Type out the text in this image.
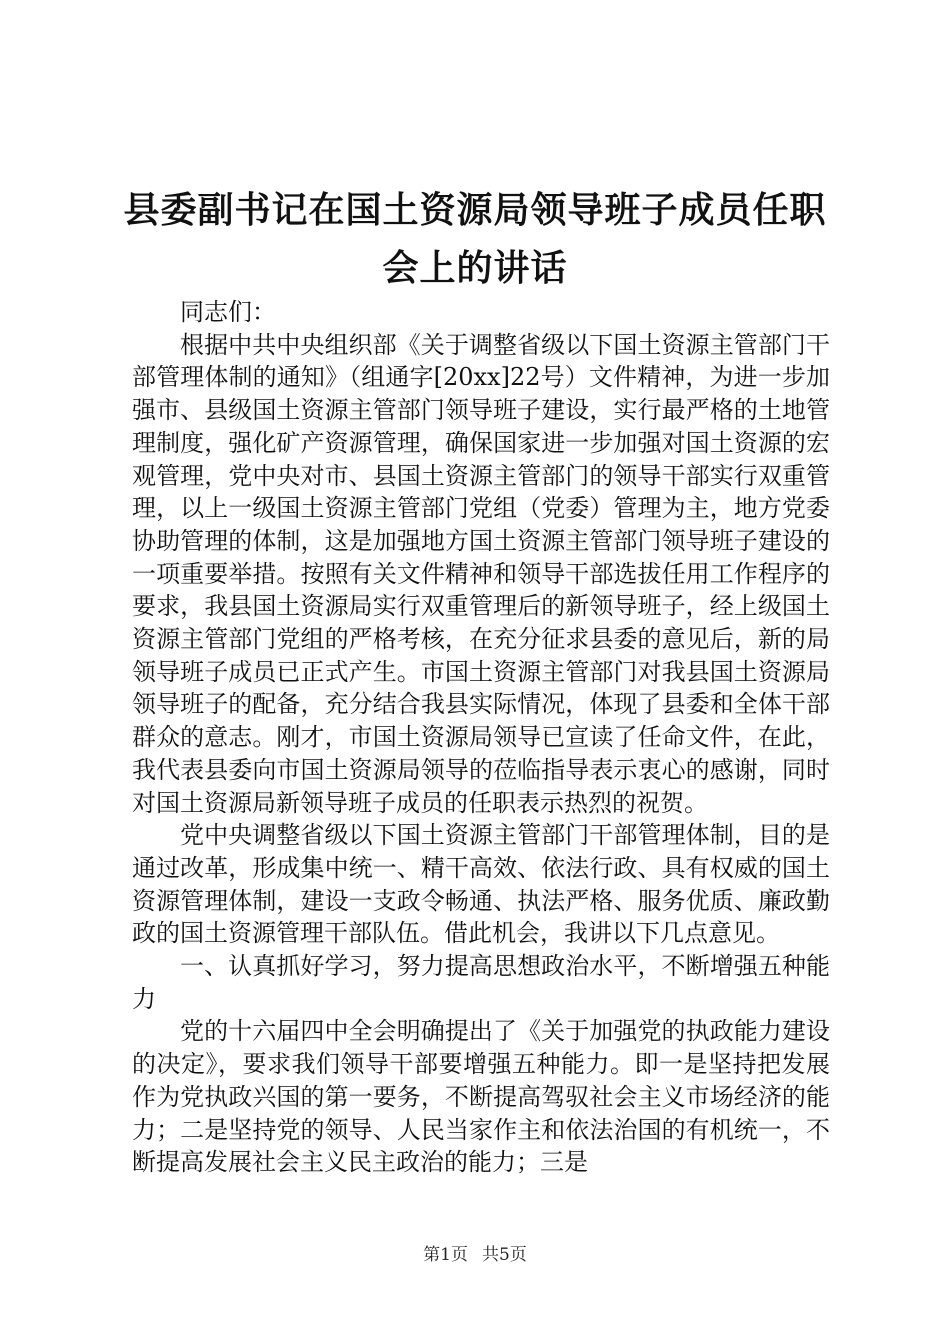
县委副书记在国土资源局领导班子成员任职会上的讲话

同志们：

根据中共中央组织部《关于调整省级以下国土资源主管部门干部管理体制的通知》（组通字[20xx]22号）文件精神，为进一步加强市、县级国土资源主管部门领导班子建设，实行最严格的土地管理制度，强化矿产资源管理，确保国家进一步加强对国土资源的宏观管理，党中央对市、县国土资源主管部门的领导干部实行双重管理，以上一级国土资源主管部门党组（党委）管理为主，地方党委协助管理的体制，这是加强地方国土资源主管部门领导班子建设的一项重要举措。按照有关文件精神和领导干部选拔任用工作程序的要求，我县国土资源局实行双重管理后的新领导班子，经上级国土资源主管部门党组的严格考核，在充分征求县委的意见后，新的局领导班子成员已正式产生。市国土资源主管部门对我县国土资源局领导班子的配备，充分结合我县实际情况，体现了县委和全体干部群众的意志。刚才，市国土资源局领导已宣读了任命文件，在此，我代表县委向市国土资源局领导的莅临指导表示衷心的感谢，同时对国土资源局新领导班子成员的任职表示热烈的祝贺。

党中央调整省级以下国土资源主管部门干部管理体制，目的是通过改革，形成集中统一、精干高效、依法行政、具有权威的国土资源管理体制，建设一支政令畅通、执法严格、服务优质、廉政勤政的国土资源管理干部队伍。借此机会，我讲以下几点意见。

一、认真抓好学习，努力提高思想政治水平，不断增强五种能力

党的十六届四中全会明确提出了《关于加强党的执政能力建设的决定》，要求我们领导干部要增强五种能力。即一是坚持把发展作为党执政兴国的第一要务，不断提高驾驭社会主义市场经济的能力；二是坚持党的领导、人民当家作主和依法治国的有机统一，不断提高发展社会主义民主政治的能力；三是

第1页 共5页
